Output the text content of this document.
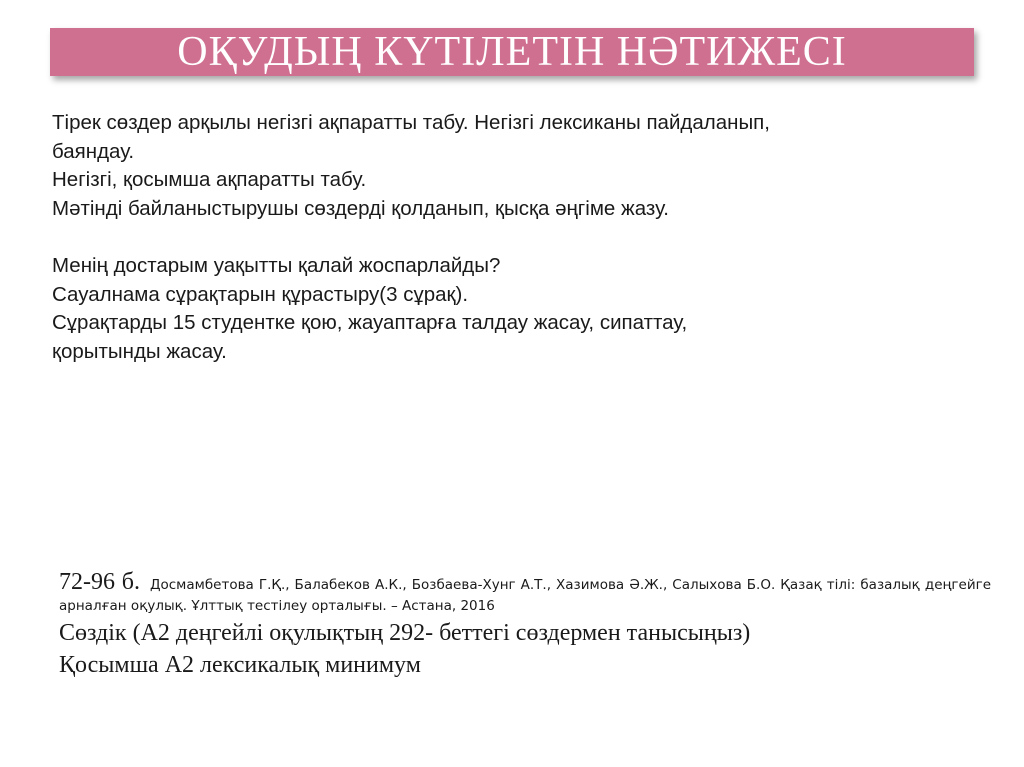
ОҚУДЫҢ КҮТІЛЕТІН НӘТИЖЕСІ
Тірек сөздер арқылы негізгі ақпаратты табу. Негізгі лексиканы пайдаланып,
баяндау.
Негізгі, қосымша ақпаратты табу.
Мәтінді байланыстырушы сөздерді қолданып, қысқа әңгіме жазу.
Менің достарым уақытты қалай жоспарлайды?
Сауалнама сұрақтарын құрастыру(3 сұрақ).
Сұрақтарды 15 студентке қою, жауаптарға талдау жасау, сипаттау,
қорытынды жасау.
72-96 б. Досмамбетова Г.Қ., Балабеков А.К., Бозбаева-Хунг А.Т., Хазимова Ә.Ж., Салыхова Б.О. Қазақ тілі: базалық деңгейге арналған оқулық. Ұлттық тестілеу орталығы. – Астана, 2016
Сөздік (А2 деңгейлі оқулықтың 292- беттегі сөздермен танысыңыз)
Қосымша А2 лексикалық минимум
